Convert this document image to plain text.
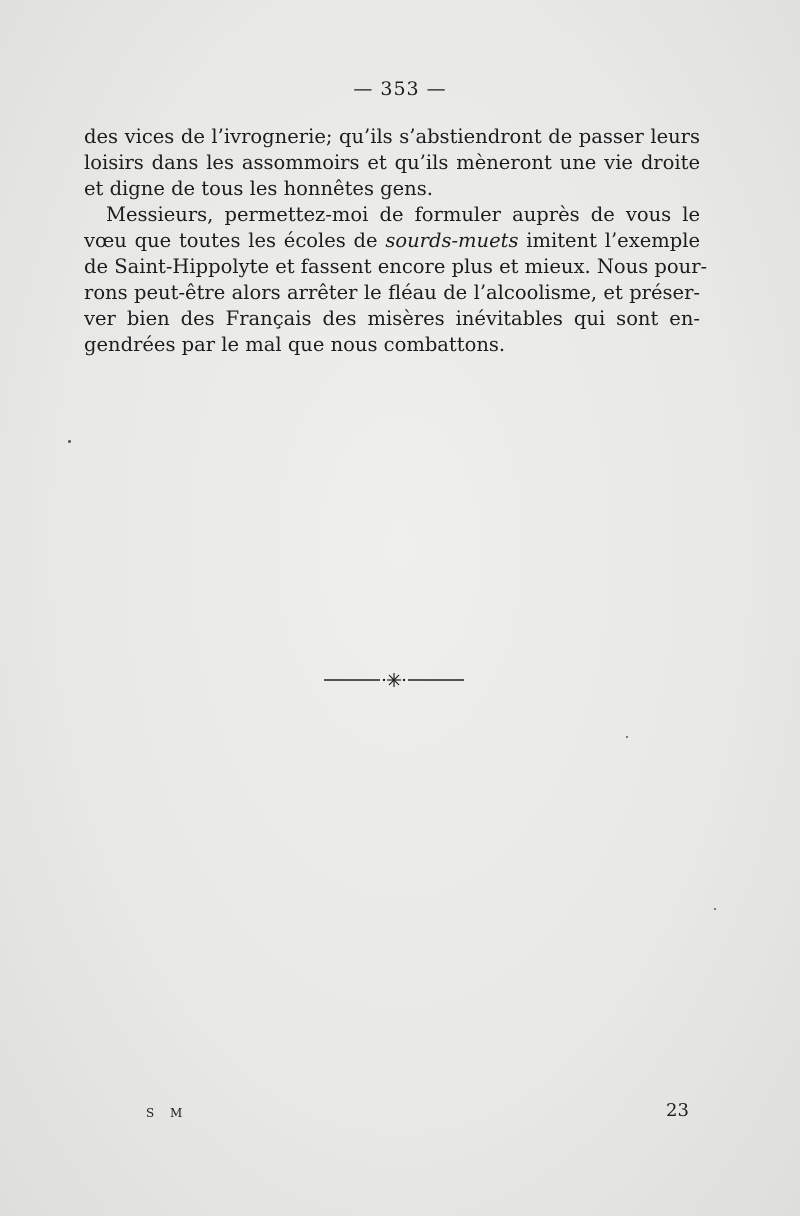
— 353 —
des vices de l’ivrognerie; qu’ils s’abstiendront de passer leurs
loisirs dans les assommoirs et qu’ils mèneront une vie droite
et digne de tous les honnêtes gens.
Messieurs, permettez-moi de formuler auprès de vous le
vœu que toutes les écoles de sourds-muets imitent l’exemple
de Saint-Hippolyte et fassent encore plus et mieux. Nous pour-
rons peut-être alors arrêter le fléau de l’alcoolisme, et préser-
ver bien des Français des misères inévitables qui sont en-
gendrées par le mal que nous combattons.
S M	23
